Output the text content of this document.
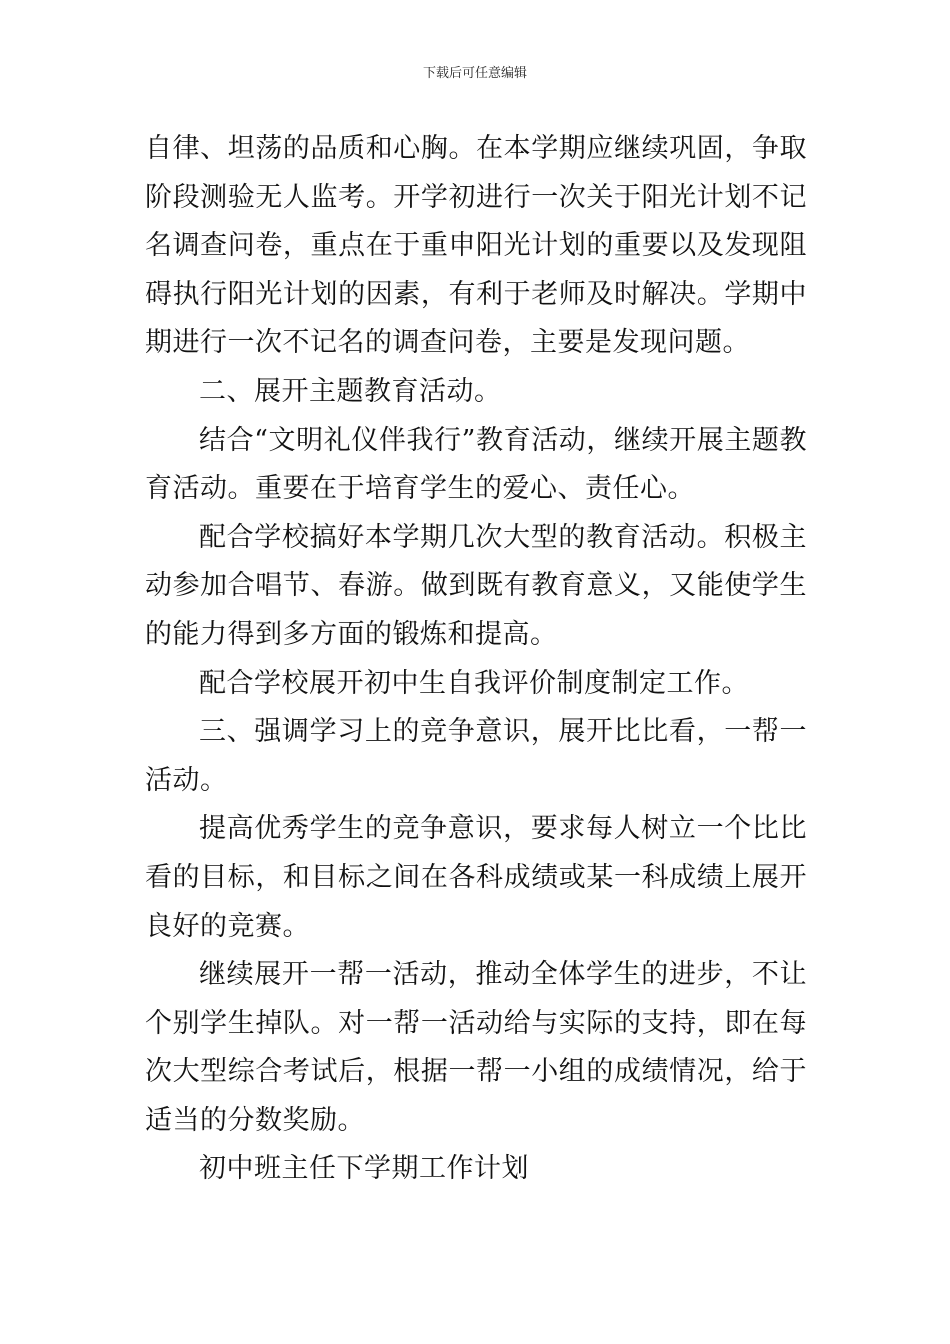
下载后可任意编辑

自律、坦荡的品质和心胸。在本学期应继续巩固，争取阶段测验无人监考。开学初进行一次关于阳光计划不记名调查问卷，重点在于重申阳光计划的重要以及发现阻碍执行阳光计划的因素，有利于老师及时解决。学期中期进行一次不记名的调查问卷，主要是发现问题。

二、展开主题教育活动。

结合“文明礼仪伴我行”教育活动，继续开展主题教育活动。重要在于培育学生的爱心、责任心。

配合学校搞好本学期几次大型的教育活动。积极主动参加合唱节、春游。做到既有教育意义，又能使学生的能力得到多方面的锻炼和提高。

配合学校展开初中生自我评价制度制定工作。

三、强调学习上的竞争意识，展开比比看，一帮一活动。

提高优秀学生的竞争意识，要求每人树立一个比比看的目标，和目标之间在各科成绩或某一科成绩上展开良好的竞赛。

继续展开一帮一活动，推动全体学生的进步，不让个别学生掉队。对一帮一活动给与实际的支持，即在每次大型综合考试后，根据一帮一小组的成绩情况，给于适当的分数奖励。

初中班主任下学期工作计划
